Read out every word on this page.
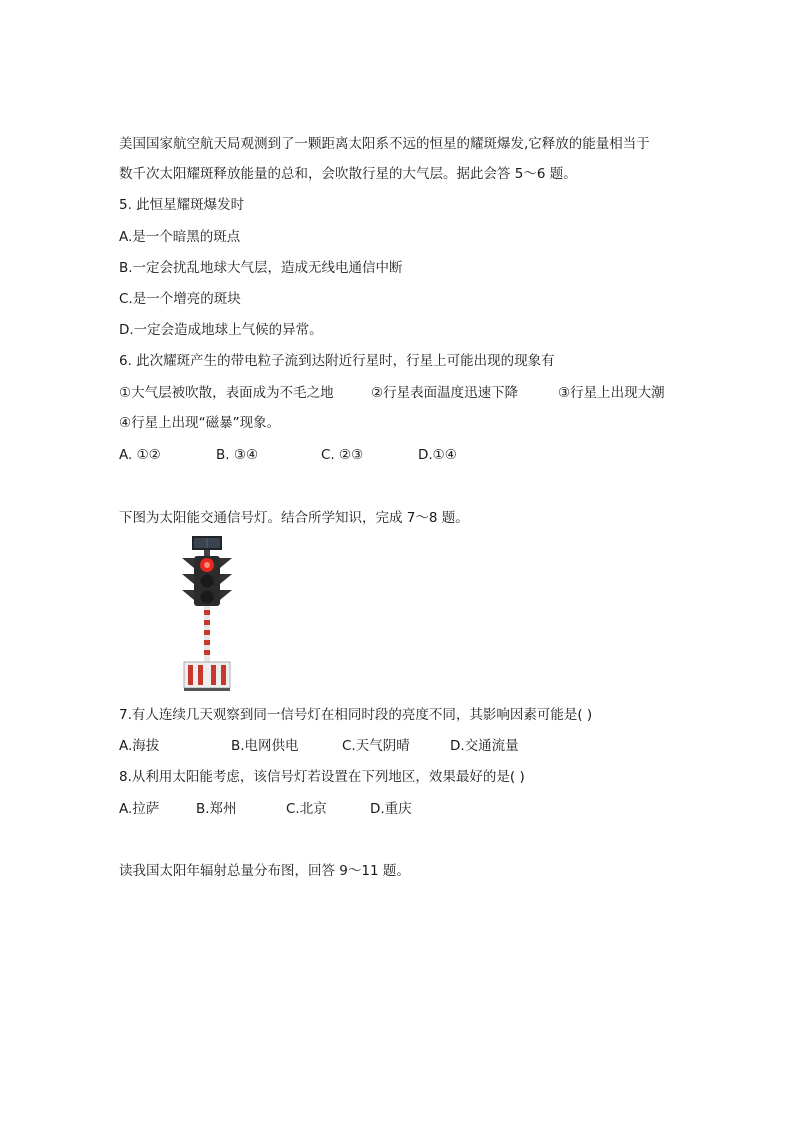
美国国家航空航天局观测到了一颗距离太阳系不远的恒星的耀斑爆发,它释放的能量相当于
数千次太阳耀斑释放能量的总和，会吹散行星的大气层。据此会答 5～6 题。
5. 此恒星耀斑爆发时
A.是一个暗黑的斑点
B.一定会扰乱地球大气层，造成无线电通信中断
C.是一个增亮的斑块
D.一定会造成地球上气候的异常。
6. 此次耀斑产生的带电粒子流到达附近行星时，行星上可能出现的现象有
①大气层被吹散，表面成为不毛之地	②行星表面温度迅速下降	③行星上出现大潮
④行星上出现“磁暴”现象。
A. ①②	B. ③④	C. ②③	D.①④
下图为太阳能交通信号灯。结合所学知识，完成 7～8 题。
7.有人连续几天观察到同一信号灯在相同时段的亮度不同，其影响因素可能是( )
A.海拔	B.电网供电	C.天气阴晴	D.交通流量
8.从利用太阳能考虑，该信号灯若设置在下列地区，效果最好的是( )
A.拉萨	B.郑州	C.北京	D.重庆
读我国太阳年辐射总量分布图，回答 9～11 题。
